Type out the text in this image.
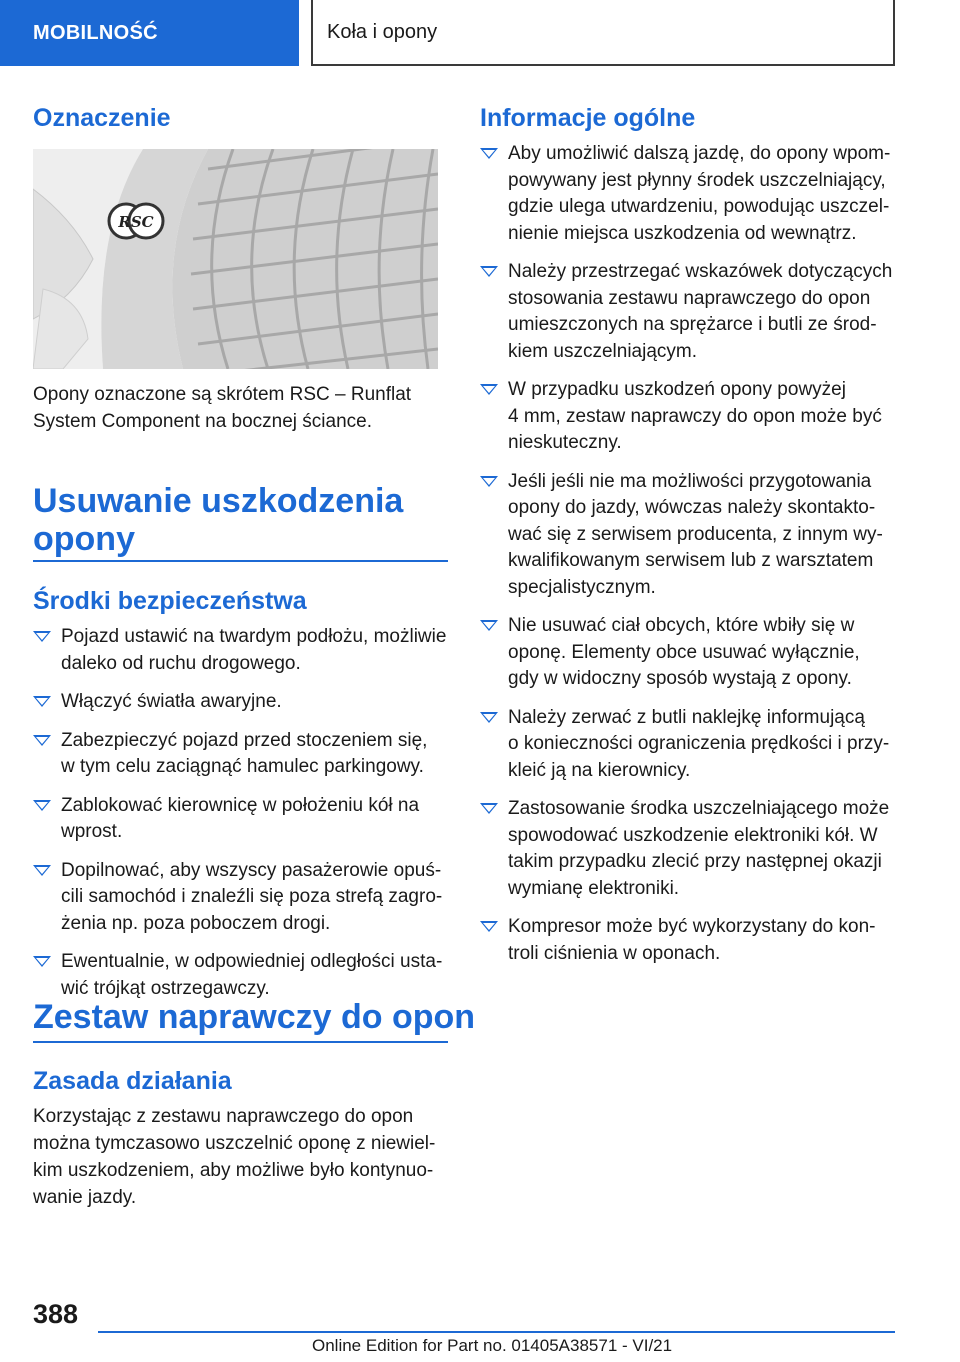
MOBILNOŚĆ	Koła i opony
Oznaczenie
RSC
Opony oznaczone są skrótem RSC – Runflat
System Component na bocznej ściance.
Usuwanie uszkodzenia
opony
Środki bezpieczeństwa
Pojazd ustawić na twardym podłożu, możliwie
daleko od ruchu drogowego.
Włączyć światła awaryjne.
Zabezpieczyć pojazd przed stoczeniem się,
w tym celu zaciągnąć hamulec parkingowy.
Zablokować kierownicę w położeniu kół na
wprost.
Dopilnować, aby wszyscy pasażerowie opuś-
cili samochód i znaleźli się poza strefą zagro-
żenia np. poza poboczem drogi.
Ewentualnie, w odpowiedniej odległości usta-
wić trójkąt ostrzegawczy.
Zestaw naprawczy do opon
Zasada działania
Korzystając z zestawu naprawczego do opon
można tymczasowo uszczelnić oponę z niewiel-
kim uszkodzeniem, aby możliwe było kontynuo-
wanie jazdy.
Informacje ogólne
Aby umożliwić dalszą jazdę, do opony wpom-
powywany jest płynny środek uszczelniający,
gdzie ulega utwardzeniu, powodując uszczel-
nienie miejsca uszkodzenia od wewnątrz.
Należy przestrzegać wskazówek dotyczących
stosowania zestawu naprawczego do opon
umieszczonych na sprężarce i butli ze środ-
kiem uszczelniającym.
W przypadku uszkodzeń opony powyżej
4 mm, zestaw naprawczy do opon może być
nieskuteczny.
Jeśli jeśli nie ma możliwości przygotowania
opony do jazdy, wówczas należy skontakto-
wać się z serwisem producenta, z innym wy-
kwalifikowanym serwisem lub z warsztatem
specjalistycznym.
Nie usuwać ciał obcych, które wbiły się w
oponę. Elementy obce usuwać wyłącznie,
gdy w widoczny sposób wystają z opony.
Należy zerwać z butli naklejkę informującą
o konieczności ograniczenia prędkości i przy-
kleić ją na kierownicy.
Zastosowanie środka uszczelniającego może
spowodować uszkodzenie elektroniki kół. W
takim przypadku zlecić przy następnej okazji
wymianę elektroniki.
Kompresor może być wykorzystany do kon-
troli ciśnienia w oponach.
388
Online Edition for Part no. 01405A38571 - VI/21
